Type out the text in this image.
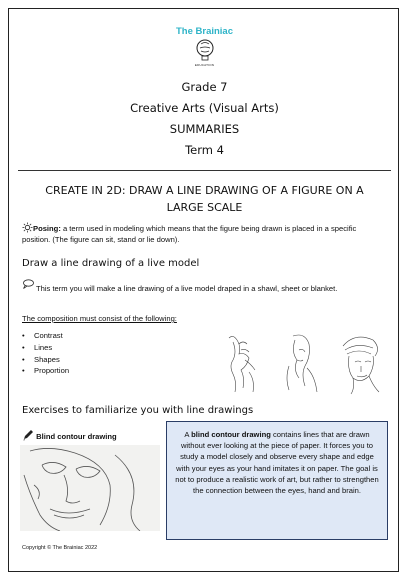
The Brainiac
EDUCATION
Grade 7
Creative Arts (Visual Arts)
SUMMARIES
Term 4
CREATE IN 2D: DRAW A LINE DRAWING OF A FIGURE ON A LARGE SCALE
Posing: a term used in modeling which means that the figure being drawn is placed in a specific position. (The figure can sit, stand or lie down).
Draw a line drawing of a live model
This term you will make a line drawing of a live model draped in a shawl, sheet or blanket.
The composition must consist of the following:
• Contrast
• Lines
• Shapes
• Proportion
Exercises to familiarize you with line drawings
Blind contour drawing	A blind contour drawing contains lines that are drawn without ever looking at the piece of paper. It forces you to study a model closely and observe every shape and edge with your eyes as your hand imitates it on paper. The goal is not to produce a realistic work of art, but rather to strengthen the connection between the eyes, hand and brain.
Copyright © The Brainiac 2022
